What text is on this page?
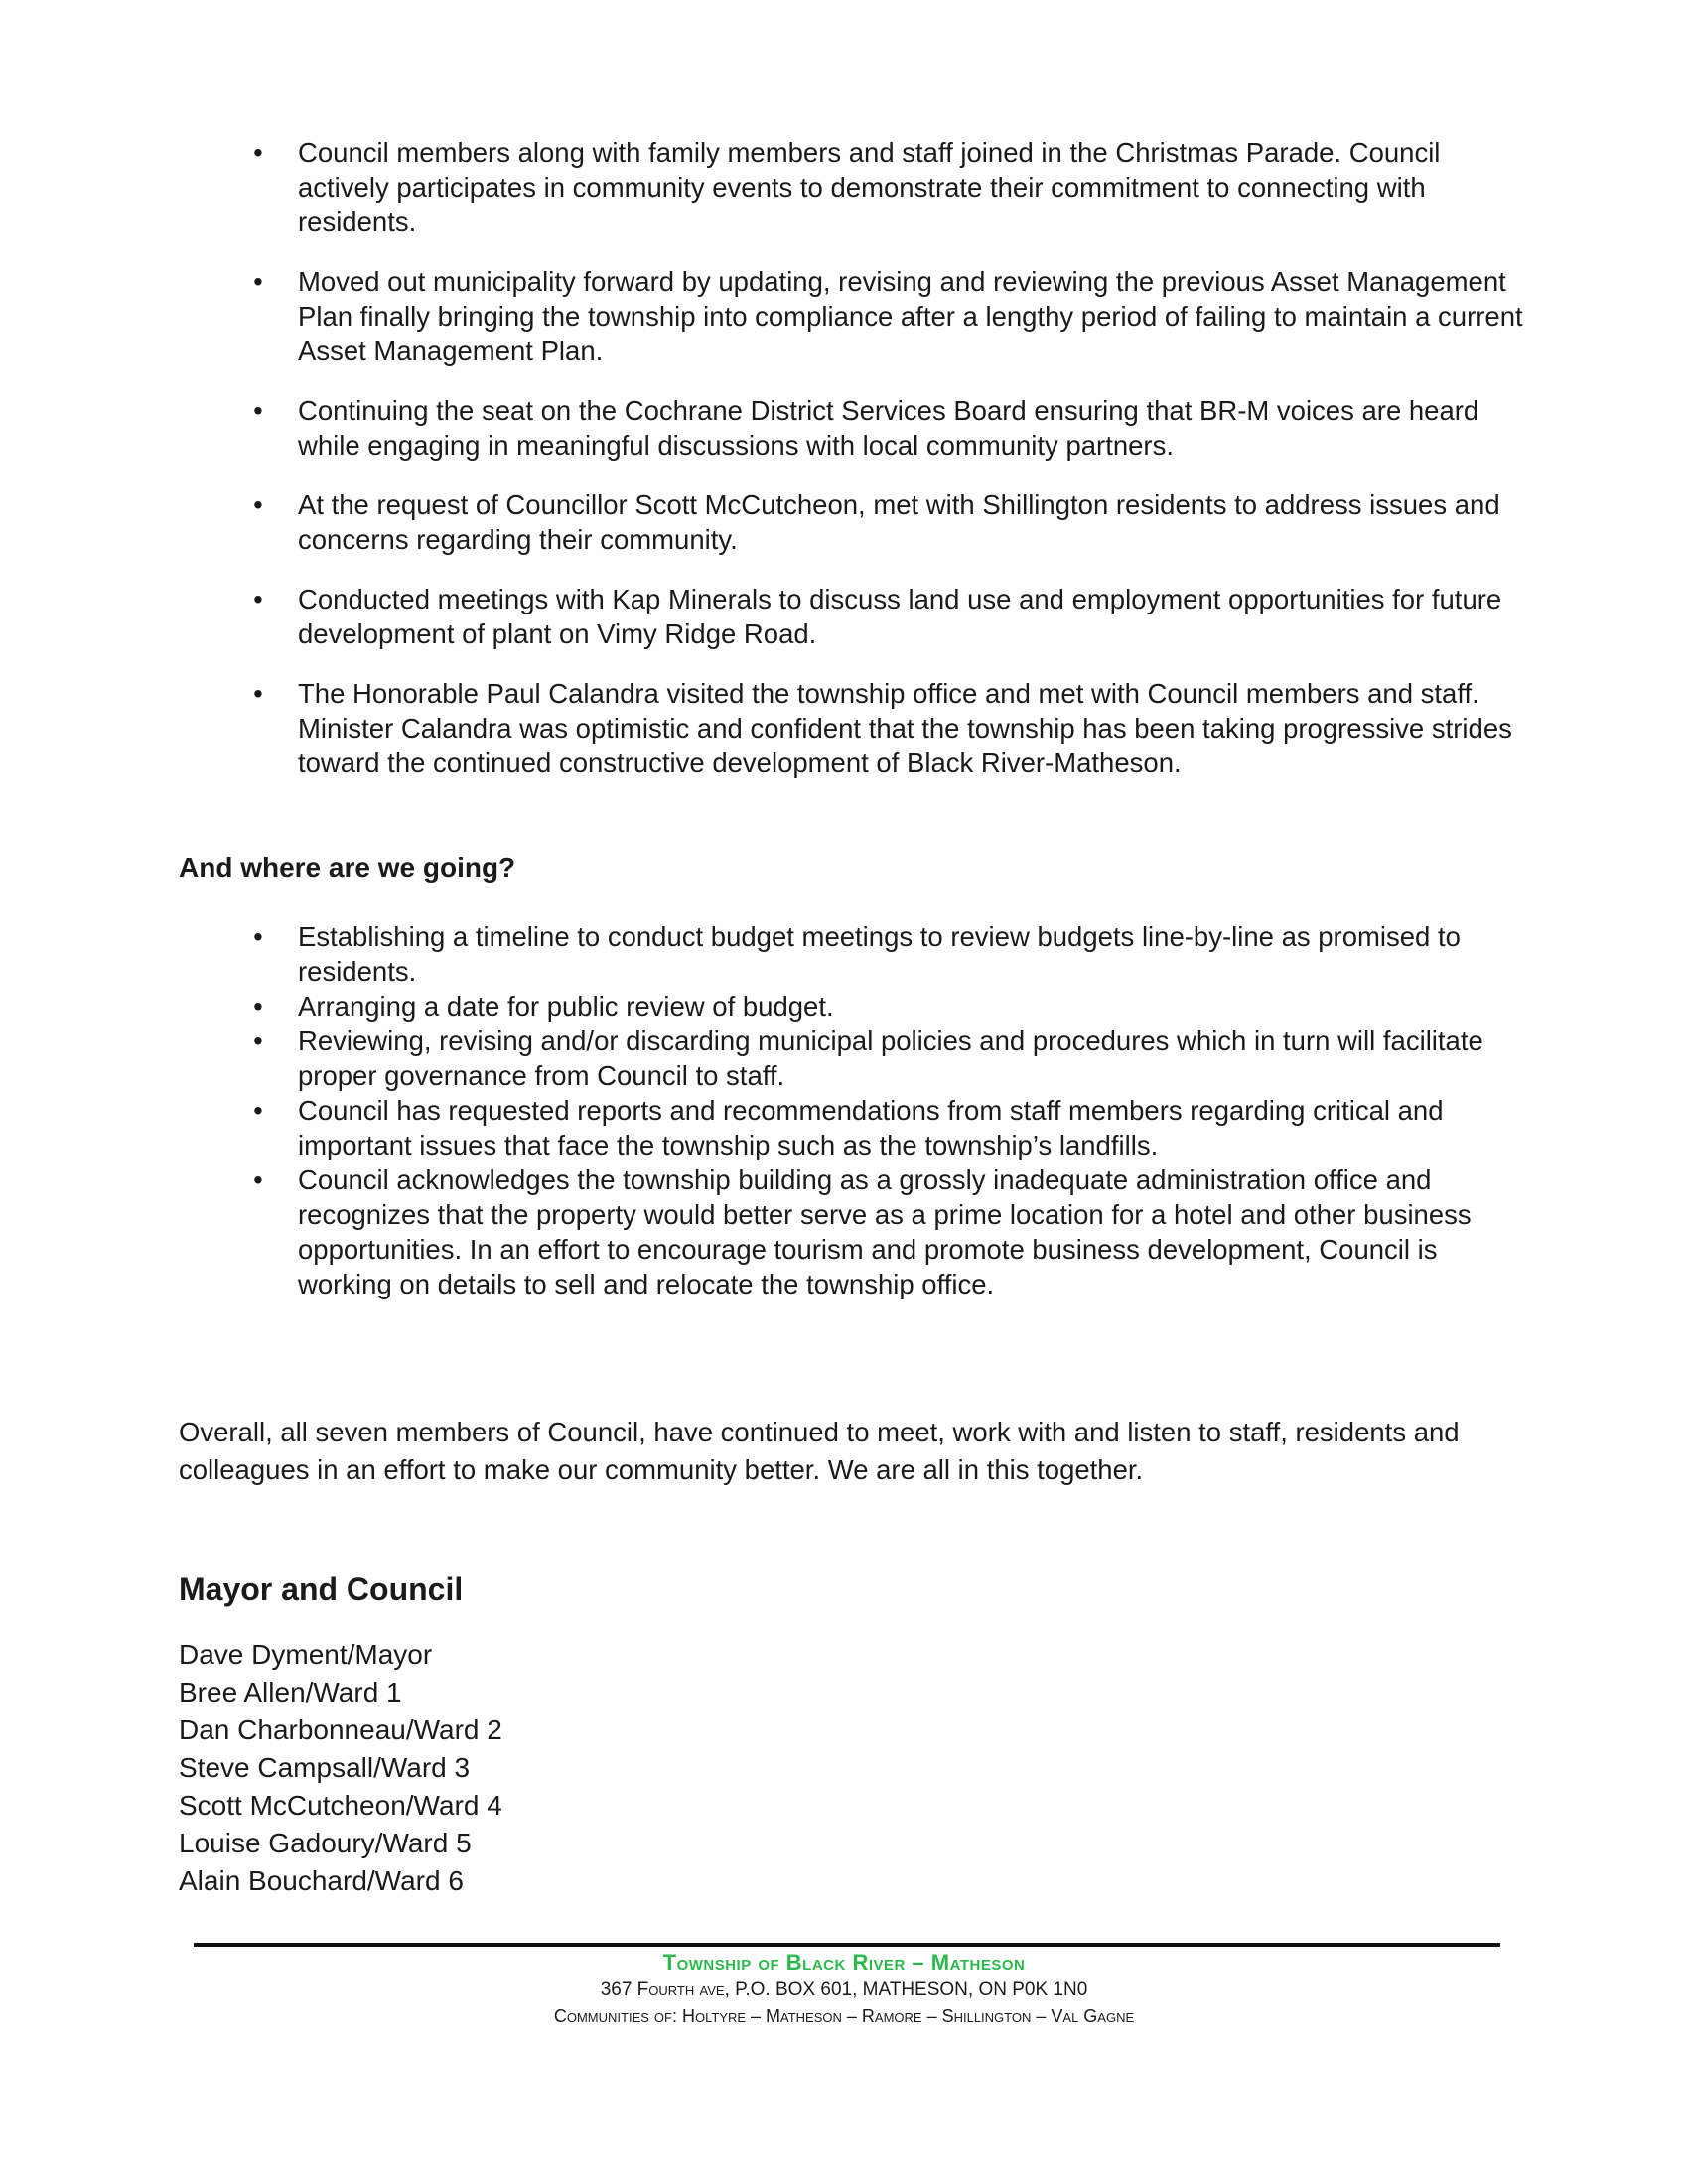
• Council members along with family members and staff joined in the Christmas Parade. Council actively participates in community events to demonstrate their commitment to connecting with residents.
• Moved out municipality forward by updating, revising and reviewing the previous Asset Management Plan finally bringing the township into compliance after a lengthy period of failing to maintain a current Asset Management Plan.
• Continuing the seat on the Cochrane District Services Board ensuring that BR-M voices are heard while engaging in meaningful discussions with local community partners.
• At the request of Councillor Scott McCutcheon, met with Shillington residents to address issues and concerns regarding their community.
• Conducted meetings with Kap Minerals to discuss land use and employment opportunities for future development of plant on Vimy Ridge Road.
• The Honorable Paul Calandra visited the township office and met with Council members and staff. Minister Calandra was optimistic and confident that the township has been taking progressive strides toward the continued constructive development of Black River-Matheson.
And where are we going?
• Establishing a timeline to conduct budget meetings to review budgets line-by-line as promised to residents.
• Arranging a date for public review of budget.
• Reviewing, revising and/or discarding municipal policies and procedures which in turn will facilitate proper governance from Council to staff.
• Council has requested reports and recommendations from staff members regarding critical and important issues that face the township such as the township’s landfills.
• Council acknowledges the township building as a grossly inadequate administration office and recognizes that the property would better serve as a prime location for a hotel and other business opportunities. In an effort to encourage tourism and promote business development, Council is working on details to sell and relocate the township office.
Overall, all seven members of Council, have continued to meet, work with and listen to staff, residents and colleagues in an effort to make our community better. We are all in this together.
Mayor and Council
Dave Dyment/Mayor
Bree Allen/Ward 1
Dan Charbonneau/Ward 2
Steve Campsall/Ward 3
Scott McCutcheon/Ward 4
Louise Gadoury/Ward 5
Alain Bouchard/Ward 6
Township of Black River – Matheson
367 Fourth ave, P.O. BOX 601, MATHESON, ON P0K 1N0
Communities of: Holtyre – Matheson – Ramore – Shillington – Val Gagne
